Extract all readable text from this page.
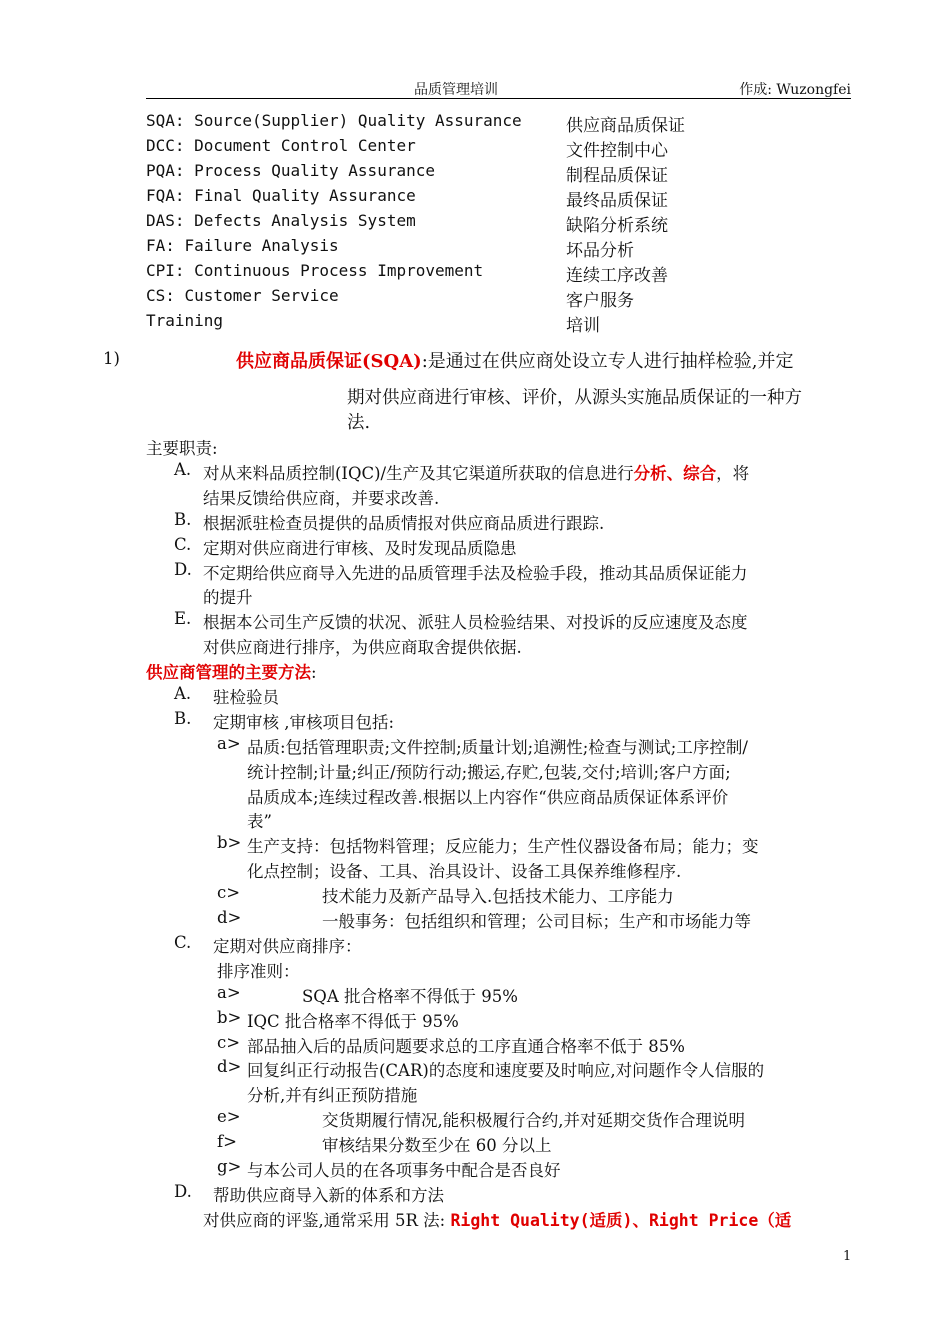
品质管理培训	作成: Wuzongfei
SQA: Source(Supplier) Quality Assurance	供应商品质保证
DCC: Document Control Center	文件控制中心
PQA: Process Quality Assurance	制程品质保证
FQA: Final Quality Assurance	最终品质保证
DAS: Defects Analysis System	缺陷分析系统
FA: Failure Analysis	坏品分析
CPI: Continuous Process Improvement	连续工序改善
CS: Customer Service	客户服务
Training	培训
1)	供应商品质保证(SQA):是通过在供应商处设立专人进行抽样检验,并定
期对供应商进行审核、评价，从源头实施品质保证的一种方
法.
主要职责:
A. 对从来料品质控制(IQC)/生产及其它渠道所获取的信息进行分析、综合，将
结果反馈给供应商，并要求改善.
B. 根据派驻检查员提供的品质情报对供应商品质进行跟踪.
C. 定期对供应商进行审核、及时发现品质隐患
D. 不定期给供应商导入先进的品质管理手法及检验手段，推动其品质保证能力
的提升
E. 根据本公司生产反馈的状况、派驻人员检验结果、对投诉的反应速度及态度
对供应商进行排序，为供应商取舍提供依据.
供应商管理的主要方法:
A. 驻检验员
B. 定期审核 ,审核项目包括:
a> 品质:包括管理职责;文件控制;质量计划;追溯性;检查与测试;工序控制/
统计控制;计量;纠正/预防行动;搬运,存贮,包装,交付;培训;客户方面;
品质成本;连续过程改善.根据以上内容作“供应商品质保证体系评价
表”
b> 生产支持：包括物料管理；反应能力；生产性仪器设备布局；能力；变
化点控制；设备、工具、治具设计、设备工具保养维修程序.
c>	技术能力及新产品导入.包括技术能力、工序能力
d>	一般事务：包括组织和管理；公司目标；生产和市场能力等
C. 定期对供应商排序：
排序准则：
a>	SQA 批合格率不得低于 95%
b> IQC 批合格率不得低于 95%
c> 部品抽入后的品质问题要求总的工序直通合格率不低于 85%
d> 回复纠正行动报告(CAR)的态度和速度要及时响应,对问题作令人信服的
分析,并有纠正预防措施
e>	交货期履行情况,能积极履行合约,并对延期交货作合理说明
f>	审核结果分数至少在 60 分以上
g> 与本公司人员的在各项事务中配合是否良好
D. 帮助供应商导入新的体系和方法
对供应商的评鉴,通常采用 5R 法: Right Quality(适质)、Right Price（适
1
